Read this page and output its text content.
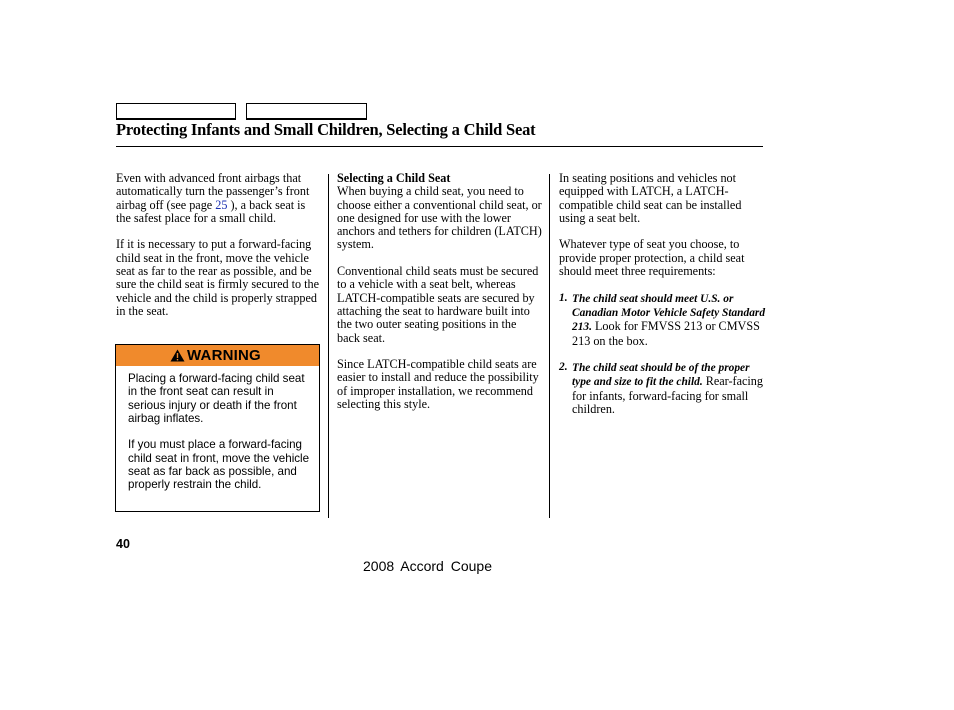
Protecting Infants and Small Children, Selecting a Child Seat

Even with advanced front airbags that automatically turn the passenger’s front airbag off (see page 25 ), a back seat is the safest place for a small child.

If it is necessary to put a forward-facing child seat in the front, move the vehicle seat as far to the rear as possible, and be sure the child seat is firmly secured to the vehicle and the child is properly strapped in the seat.

WARNING

Placing a forward-facing child seat in the front seat can result in serious injury or death if the front airbag inflates.

If you must place a forward-facing child seat in front, move the vehicle seat as far back as possible, and properly restrain the child.

Selecting a Child Seat
When buying a child seat, you need to choose either a conventional child seat, or one designed for use with the lower anchors and tethers for children (LATCH) system.

Conventional child seats must be secured to a vehicle with a seat belt, whereas LATCH-compatible seats are secured by attaching the seat to hardware built into the two outer seating positions in the back seat.

Since LATCH-compatible child seats are easier to install and reduce the possibility of improper installation, we recommend selecting this style.

In seating positions and vehicles not equipped with LATCH, a LATCH-compatible child seat can be installed using a seat belt.

Whatever type of seat you choose, to provide proper protection, a child seat should meet three requirements:

1. The child seat should meet U.S. or Canadian Motor Vehicle Safety Standard 213. Look for FMVSS 213 or CMVSS 213 on the box.
2. The child seat should be of the proper type and size to fit the child. Rear-facing for infants, forward-facing for small children.
40
2008 Accord Coupe
